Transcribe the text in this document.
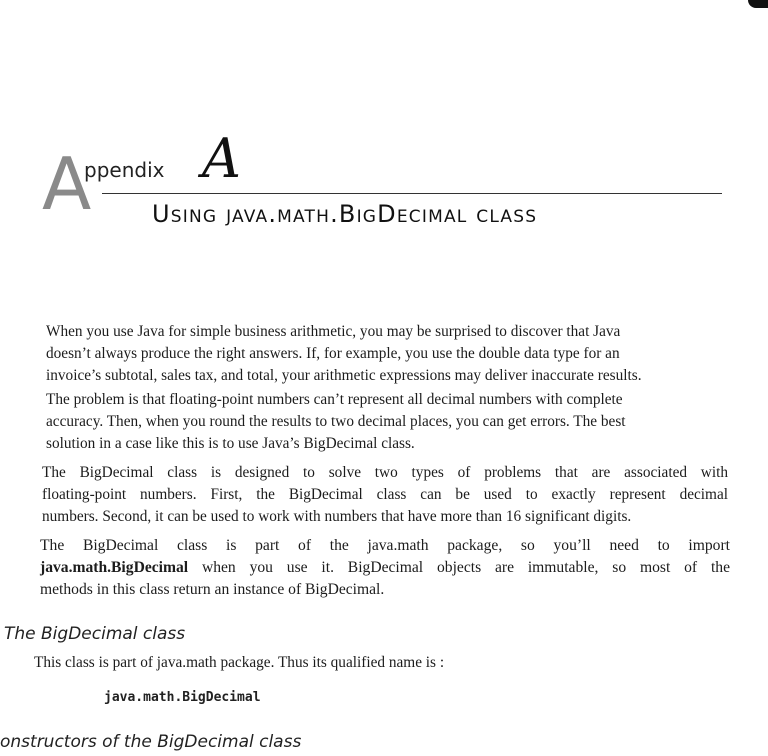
A
ppendix A
Using java.math.BigDecimal class

When you use Java for simple business arithmetic, you may be surprised to discover that Java
doesn’t always produce the right answers. If, for example, you use the double data type for an
invoice’s subtotal, sales tax, and total, your arithmetic expressions may deliver inaccurate results.

The problem is that floating-point numbers can’t represent all decimal numbers with complete
accuracy. Then, when you round the results to two decimal places, you can get errors. The best
solution in a case like this is to use Java’s BigDecimal class.

The BigDecimal class is designed to solve two types of problems that are associated with
floating-point numbers. First, the BigDecimal class can be used to exactly represent decimal
numbers. Second, it can be used to work with numbers that have more than 16 significant digits.

The BigDecimal class is part of the java.math package, so you’ll need to import
java.math.BigDecimal when you use it. BigDecimal objects are immutable, so most of the
methods in this class return an instance of BigDecimal.

The BigDecimal class
This class is part of java.math package. Thus its qualified name is :
java.math.BigDecimal
onstructors of the BigDecimal class
